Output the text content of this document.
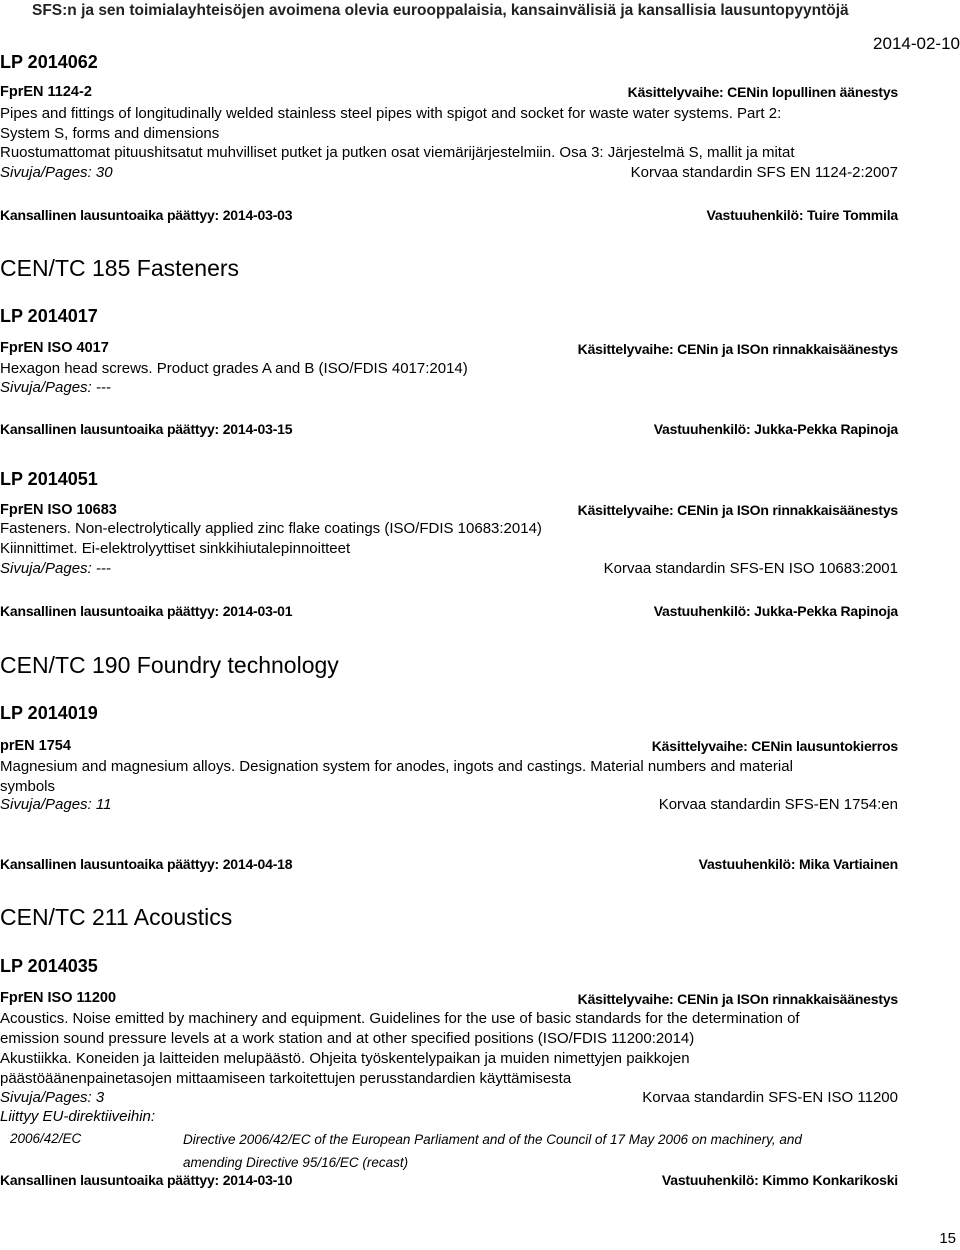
SFS:n ja sen toimialayhteisöjen avoimena olevia eurooppalaisia, kansainvälisiä ja kansallisia lausuntopyyntöjä
LP 2014062
2014-02-10
FprEN 1124-2	Käsittelyvaihe: CENin lopullinen äänestys
Pipes and fittings of longitudinally welded stainless steel pipes with spigot and socket for waste water systems. Part 2:
System S, forms and dimensions
Ruostumattomat pituushitsatut muhvilliset putket ja putken osat viemärijärjestelmiin. Osa 3: Järjestelmä S, mallit ja mitat
Sivuja/Pages: 30	Korvaa standardin SFS EN 1124-2:2007
Kansallinen lausuntoaika päättyy: 2014-03-03	Vastuuhenkilö: Tuire Tommila
CEN/TC 185 Fasteners
LP 2014017
FprEN ISO 4017	Käsittelyvaihe: CENin ja ISOn rinnakkaisäänestys
Hexagon head screws. Product grades A and B (ISO/FDIS 4017:2014)
Sivuja/Pages: ---
Kansallinen lausuntoaika päättyy: 2014-03-15	Vastuuhenkilö: Jukka-Pekka Rapinoja
LP 2014051
FprEN ISO 10683	Käsittelyvaihe: CENin ja ISOn rinnakkaisäänestys
Fasteners. Non-electrolytically applied zinc flake coatings (ISO/FDIS 10683:2014)
Kiinnittimet. Ei-elektrolyyttiset sinkkihiutalepinnoitteet
Sivuja/Pages: ---	Korvaa standardin SFS-EN ISO 10683:2001
Kansallinen lausuntoaika päättyy: 2014-03-01	Vastuuhenkilö: Jukka-Pekka Rapinoja
CEN/TC 190 Foundry technology
LP 2014019
prEN 1754	Käsittelyvaihe: CENin lausuntokierros
Magnesium and magnesium alloys. Designation system for anodes, ingots and castings. Material numbers and material
symbols
Sivuja/Pages: 11	Korvaa standardin SFS-EN 1754:en
Kansallinen lausuntoaika päättyy: 2014-04-18	Vastuuhenkilö: Mika Vartiainen
CEN/TC 211 Acoustics
LP 2014035
FprEN ISO 11200	Käsittelyvaihe: CENin ja ISOn rinnakkaisäänestys
Acoustics. Noise emitted by machinery and equipment. Guidelines for the use of basic standards for the determination of
emission sound pressure levels at a work station and at other specified positions (ISO/FDIS 11200:2014)
Akustiikka. Koneiden ja laitteiden melupäästö. Ohjeita työskentelypaikan ja muiden nimettyjen paikkojen
päästöäänenpainetasojen mittaamiseen tarkoitettujen perusstandardien käyttämisesta
Sivuja/Pages: 3	Korvaa standardin SFS-EN ISO 11200
Liittyy EU-direktiiveihin:
2006/42/EC	Directive 2006/42/EC of the European Parliament and of the Council of 17 May 2006 on machinery, and amending Directive 95/16/EC (recast)
Kansallinen lausuntoaika päättyy: 2014-03-10	Vastuuhenkilö: Kimmo Konkarikoski
15
